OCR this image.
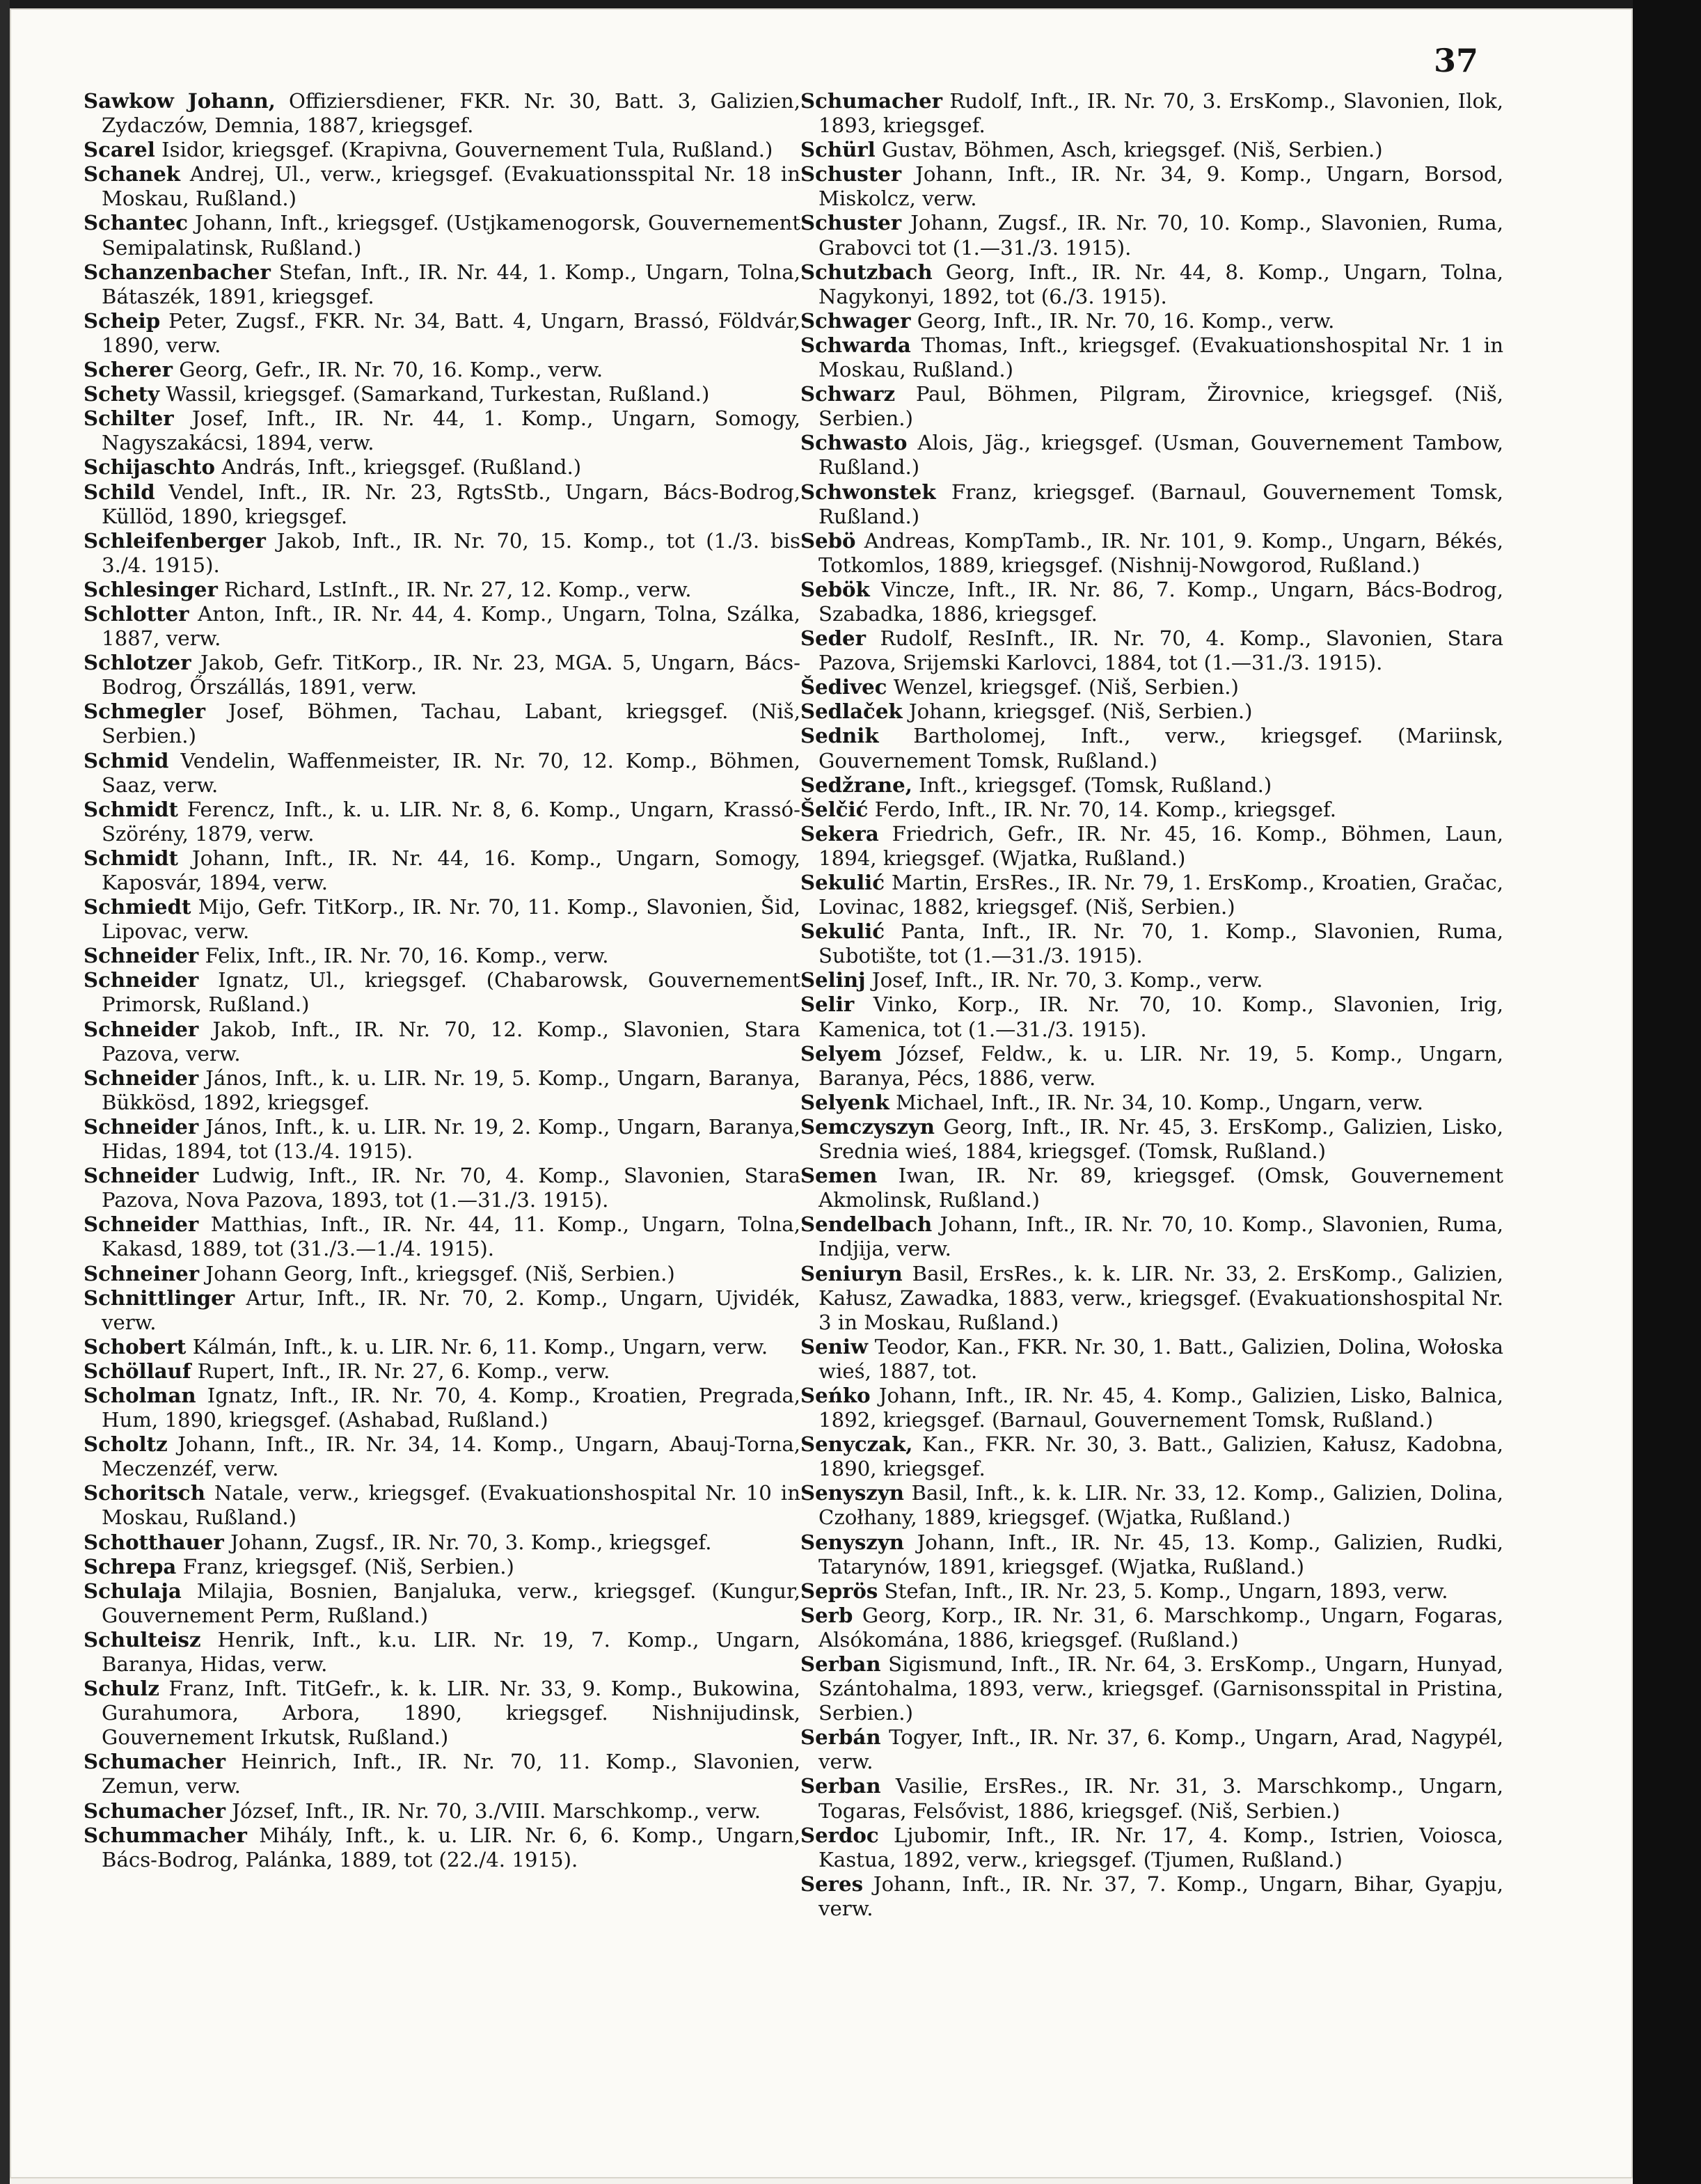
37

Sawkow Johann, Offiziersdiener, FKR. Nr. 30, Batt. 3, Galizien, Zydaczów, Demnia, 1887, kriegsgef.

Scarel Isidor, kriegsgef. (Krapivna, Gouvernement Tula, Rußland.)

Schanek Andrej, Ul., verw., kriegsgef. (Evakuationsspital Nr. 18 in Moskau, Rußland.)

Schantec Johann, Inft., kriegsgef. (Ustjkamenogorsk, Gouvernement Semipalatinsk, Rußland.)

Schanzenbacher Stefan, Inft., IR. Nr. 44, 1. Komp., Ungarn, Tolna, Bátaszék, 1891, kriegsgef.

Scheip Peter, Zugsf., FKR. Nr. 34, Batt. 4, Ungarn, Brassó, Földvár, 1890, verw.

Scherer Georg, Gefr., IR. Nr. 70, 16. Komp., verw.

Schety Wassil, kriegsgef. (Samarkand, Turkestan, Rußland.)

Schilter Josef, Inft., IR. Nr. 44, 1. Komp., Ungarn, Somogy, Nagyszakácsi, 1894, verw.

Schijaschto András, Inft., kriegsgef. (Rußland.)

Schild Vendel, Inft., IR. Nr. 23, RgtsStb., Ungarn, Bács-Bodrog, Küllöd, 1890, kriegsgef.

Schleifenberger Jakob, Inft., IR. Nr. 70, 15. Komp., tot (1./3. bis 3./4. 1915).

Schlesinger Richard, LstInft., IR. Nr. 27, 12. Komp., verw.

Schlotter Anton, Inft., IR. Nr. 44, 4. Komp., Ungarn, Tolna, Szálka, 1887, verw.

Schlotzer Jakob, Gefr. TitKorp., IR. Nr. 23, MGA. 5, Ungarn, Bács-Bodrog, Őrszállás, 1891, verw.

Schmegler Josef, Böhmen, Tachau, Labant, kriegsgef. (Niš, Serbien.)

Schmid Vendelin, Waffenmeister, IR. Nr. 70, 12. Komp., Böhmen, Saaz, verw.

Schmidt Ferencz, Inft., k. u. LIR. Nr. 8, 6. Komp., Ungarn, Krassó-Szörény, 1879, verw.

Schmidt Johann, Inft., IR. Nr. 44, 16. Komp., Ungarn, Somogy, Kaposvár, 1894, verw.

Schmiedt Mijo, Gefr. TitKorp., IR. Nr. 70, 11. Komp., Slavonien, Šid, Lipovac, verw.

Schneider Felix, Inft., IR. Nr. 70, 16. Komp., verw.

Schneider Ignatz, Ul., kriegsgef. (Chabarowsk, Gouvernement Primorsk, Rußland.)

Schneider Jakob, Inft., IR. Nr. 70, 12. Komp., Slavonien, Stara Pazova, verw.

Schneider János, Inft., k. u. LIR. Nr. 19, 5. Komp., Ungarn, Baranya, Bükkösd, 1892, kriegsgef.

Schneider János, Inft., k. u. LIR. Nr. 19, 2. Komp., Ungarn, Baranya, Hidas, 1894, tot (13./4. 1915).

Schneider Ludwig, Inft., IR. Nr. 70, 4. Komp., Slavonien, Stara Pazova, Nova Pazova, 1893, tot (1.—31./3. 1915).

Schneider Matthias, Inft., IR. Nr. 44, 11. Komp., Ungarn, Tolna, Kakasd, 1889, tot (31./3.—1./4. 1915).

Schneiner Johann Georg, Inft., kriegsgef. (Niš, Serbien.)

Schnittlinger Artur, Inft., IR. Nr. 70, 2. Komp., Ungarn, Ujvidék, verw.

Schobert Kálmán, Inft., k. u. LIR. Nr. 6, 11. Komp., Ungarn, verw.

Schöllauf Rupert, Inft., IR. Nr. 27, 6. Komp., verw.

Scholman Ignatz, Inft., IR. Nr. 70, 4. Komp., Kroatien, Pregrada, Hum, 1890, kriegsgef. (Ashabad, Rußland.)

Scholtz Johann, Inft., IR. Nr. 34, 14. Komp., Ungarn, Abauj-Torna, Meczenzéf, verw.

Schoritsch Natale, verw., kriegsgef. (Evakuationshospital Nr. 10 in Moskau, Rußland.)

Schotthauer Johann, Zugsf., IR. Nr. 70, 3. Komp., kriegsgef.

Schrepa Franz, kriegsgef. (Niš, Serbien.)

Schulaja Milajia, Bosnien, Banjaluka, verw., kriegsgef. (Kungur, Gouvernement Perm, Rußland.)

Schulteisz Henrik, Inft., k.u. LIR. Nr. 19, 7. Komp., Ungarn, Baranya, Hidas, verw.

Schulz Franz, Inft. TitGefr., k. k. LIR. Nr. 33, 9. Komp., Bukowina, Gurahumora, Arbora, 1890, kriegsgef. Nishnijudinsk, Gouvernement Irkutsk, Rußland.)

Schumacher Heinrich, Inft., IR. Nr. 70, 11. Komp., Slavonien, Zemun, verw.

Schumacher József, Inft., IR. Nr. 70, 3./VIII. Marschkomp., verw.

Schummacher Mihály, Inft., k. u. LIR. Nr. 6, 6. Komp., Ungarn, Bács-Bodrog, Palánka, 1889, tot (22./4. 1915).

Schumacher Rudolf, Inft., IR. Nr. 70, 3. ErsKomp., Slavonien, Ilok, 1893, kriegsgef.

Schürl Gustav, Böhmen, Asch, kriegsgef. (Niš, Serbien.)

Schuster Johann, Inft., IR. Nr. 34, 9. Komp., Ungarn, Borsod, Miskolcz, verw.

Schuster Johann, Zugsf., IR. Nr. 70, 10. Komp., Slavonien, Ruma, Grabovci tot (1.—31./3. 1915).

Schutzbach Georg, Inft., IR. Nr. 44, 8. Komp., Ungarn, Tolna, Nagykonyi, 1892, tot (6./3. 1915).

Schwager Georg, Inft., IR. Nr. 70, 16. Komp., verw.

Schwarda Thomas, Inft., kriegsgef. (Evakuationshospital Nr. 1 in Moskau, Rußland.)

Schwarz Paul, Böhmen, Pilgram, Žirovnice, kriegsgef. (Niš, Serbien.)

Schwasto Alois, Jäg., kriegsgef. (Usman, Gouvernement Tambow, Rußland.)

Schwonstek Franz, kriegsgef. (Barnaul, Gouvernement Tomsk, Rußland.)

Sebö Andreas, KompTamb., IR. Nr. 101, 9. Komp., Ungarn, Békés, Totkomlos, 1889, kriegsgef. (Nishnij-Nowgorod, Rußland.)

Sebök Vincze, Inft., IR. Nr. 86, 7. Komp., Ungarn, Bács-Bodrog, Szabadka, 1886, kriegsgef.

Seder Rudolf, ResInft., IR. Nr. 70, 4. Komp., Slavonien, Stara Pazova, Srijemski Karlovci, 1884, tot (1.—31./3. 1915).

Šedivec Wenzel, kriegsgef. (Niš, Serbien.)

Sedlaček Johann, kriegsgef. (Niš, Serbien.)

Sednik Bartholomej, Inft., verw., kriegsgef. (Mariinsk, Gouvernement Tomsk, Rußland.)

Sedžrane, Inft., kriegsgef. (Tomsk, Rußland.)

Šelčić Ferdo, Inft., IR. Nr. 70, 14. Komp., kriegsgef.

Sekera Friedrich, Gefr., IR. Nr. 45, 16. Komp., Böhmen, Laun, 1894, kriegsgef. (Wjatka, Rußland.)

Sekulić Martin, ErsRes., IR. Nr. 79, 1. ErsKomp., Kroatien, Gračac, Lovinac, 1882, kriegsgef. (Niš, Serbien.)

Sekulić Panta, Inft., IR. Nr. 70, 1. Komp., Slavonien, Ruma, Subotište, tot (1.—31./3. 1915).

Selinj Josef, Inft., IR. Nr. 70, 3. Komp., verw.

Selir Vinko, Korp., IR. Nr. 70, 10. Komp., Slavonien, Irig, Kamenica, tot (1.—31./3. 1915).

Selyem József, Feldw., k. u. LIR. Nr. 19, 5. Komp., Ungarn, Baranya, Pécs, 1886, verw.

Selyenk Michael, Inft., IR. Nr. 34, 10. Komp., Ungarn, verw.

Semczyszyn Georg, Inft., IR. Nr. 45, 3. ErsKomp., Galizien, Lisko, Srednia wieś, 1884, kriegsgef. (Tomsk, Rußland.)

Semen Iwan, IR. Nr. 89, kriegsgef. (Omsk, Gouvernement Akmolinsk, Rußland.)

Sendelbach Johann, Inft., IR. Nr. 70, 10. Komp., Slavonien, Ruma, Indjija, verw.

Seniuryn Basil, ErsRes., k. k. LIR. Nr. 33, 2. ErsKomp., Galizien, Kałusz, Zawadka, 1883, verw., kriegsgef. (Evakuationshospital Nr. 3 in Moskau, Rußland.)

Seniw Teodor, Kan., FKR. Nr. 30, 1. Batt., Galizien, Dolina, Wołoska wieś, 1887, tot.

Seńko Johann, Inft., IR. Nr. 45, 4. Komp., Galizien, Lisko, Balnica, 1892, kriegsgef. (Barnaul, Gouvernement Tomsk, Rußland.)

Senyczak, Kan., FKR. Nr. 30, 3. Batt., Galizien, Kałusz, Kadobna, 1890, kriegsgef.

Senyszyn Basil, Inft., k. k. LIR. Nr. 33, 12. Komp., Galizien, Dolina, Czołhany, 1889, kriegsgef. (Wjatka, Rußland.)

Senyszyn Johann, Inft., IR. Nr. 45, 13. Komp., Galizien, Rudki, Tatarynów, 1891, kriegsgef. (Wjatka, Rußland.)

Seprös Stefan, Inft., IR. Nr. 23, 5. Komp., Ungarn, 1893, verw.

Serb Georg, Korp., IR. Nr. 31, 6. Marschkomp., Ungarn, Fogaras, Alsókomána, 1886, kriegsgef. (Rußland.)

Serban Sigismund, Inft., IR. Nr. 64, 3. ErsKomp., Ungarn, Hunyad, Szántohalma, 1893, verw., kriegsgef. (Garnisonsspital in Pristina, Serbien.)

Serbán Togyer, Inft., IR. Nr. 37, 6. Komp., Ungarn, Arad, Nagypél, verw.

Serban Vasilie, ErsRes., IR. Nr. 31, 3. Marschkomp., Ungarn, Togaras, Felsővist, 1886, kriegsgef. (Niš, Serbien.)

Serdoc Ljubomir, Inft., IR. Nr. 17, 4. Komp., Istrien, Voiosca, Kastua, 1892, verw., kriegsgef. (Tjumen, Rußland.)

Seres Johann, Inft., IR. Nr. 37, 7. Komp., Ungarn, Bihar, Gyapju, verw.
